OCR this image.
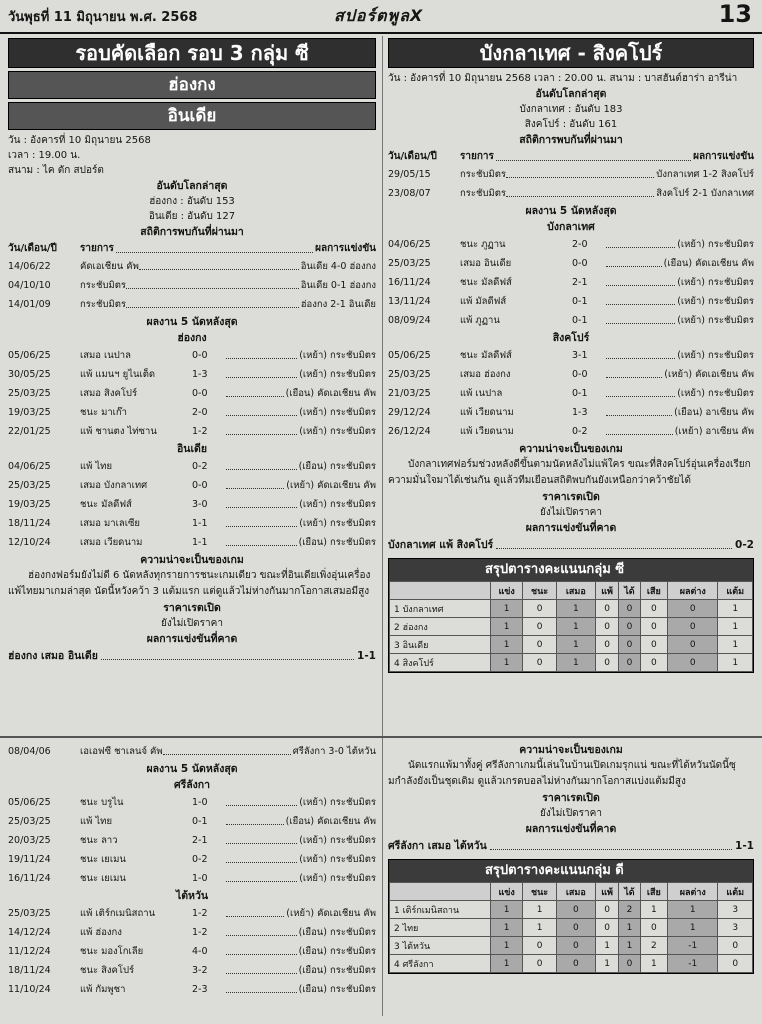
วันพุธที่ 11 มิถุนายน พ.ศ. 2568	สปอร์ตพูลX	13
รอบคัดเลือก รอบ 3 กลุ่ม ซี
ฮ่องกง
อินเดีย
วัน : อังคารที่ 10 มิถุนายน 2568
เวลา : 19.00 น.
สนาม : ไค ตัก สปอร์ต
อันดับโลกล่าสุด
ฮ่องกง : อันดับ 153
อินเดีย : อันดับ 127
สถิติการพบกันที่ผ่านมา
วัน/เดือน/ปี	รายการ	ผลการแข่งขัน
14/06/22	คัดเอเชียน คัพ	อินเดีย 4-0 ฮ่องกง
04/10/10	กระชับมิตร	อินเดีย 0-1 ฮ่องกง
14/01/09	กระชับมิตร	ฮ่องกง 2-1 อินเดีย
ผลงาน 5 นัดหลังสุด
ฮ่องกง
05/06/25	เสมอ เนปาล	0-0	(เหย้า) กระชับมิตร
30/05/25	แพ้ แมนฯ ยูไนเต็ด	1-3	(เหย้า) กระชับมิตร
25/03/25	เสมอ สิงคโปร์	0-0	(เยือน) คัดเอเชียน คัพ
19/03/25	ชนะ มาเก๊า	2-0	(เหย้า) กระชับมิตร
22/01/25	แพ้ ชานตง ไท่ซาน	1-2	(เหย้า) กระชับมิตร
อินเดีย
04/06/25	แพ้ ไทย	0-2	(เยือน) กระชับมิตร
25/03/25	เสมอ บังกลาเทศ	0-0	(เหย้า) คัดเอเชียน คัพ
19/03/25	ชนะ มัลดีฟส์	3-0	(เหย้า) กระชับมิตร
18/11/24	เสมอ มาเลเซีย	1-1	(เหย้า) กระชับมิตร
12/10/24	เสมอ เวียดนาม	1-1	(เยือน) กระชับมิตร
ความน่าจะเป็นของเกม
ฮ่องกงฟอร์มยังไม่ดี 6 นัดหลังทุกรายการชนะเกมเดียว ขณะที่อินเดียเพิ่งอุ่นเครื่องแพ้ไทยมาเกมล่าสุด นัดนี้หวังคว้า 3 แต้มแรก แต่ดูแล้วไม่ห่างกันมากโอกาสเสมอมีสูง
ราคาเรตเปิด
ยังไม่เปิดราคา
ผลการแข่งขันที่คาด
ฮ่องกง เสมอ อินเดีย	1-1
บังกลาเทศ - สิงคโปร์
วัน : อังคารที่ 10 มิถุนายน 2568 เวลา : 20.00 น. สนาม : บาสฮันต์ฮาร่า อารีน่า
อันดับโลกล่าสุด
บังกลาเทศ : อันดับ 183
สิงคโปร์ : อันดับ 161
สถิติการพบกันที่ผ่านมา
วัน/เดือน/ปี	รายการ	ผลการแข่งขัน
29/05/15	กระชับมิตร	บังกลาเทศ 1-2 สิงคโปร์
23/08/07	กระชับมิตร	สิงคโปร์ 2-1 บังกลาเทศ
ผลงาน 5 นัดหลังสุด
บังกลาเทศ
04/06/25	ชนะ ภูฏาน	2-0	(เหย้า) กระชับมิตร
25/03/25	เสมอ อินเดีย	0-0	(เยือน) คัดเอเชียน คัพ
16/11/24	ชนะ มัลดีฟส์	2-1	(เหย้า) กระชับมิตร
13/11/24	แพ้ มัลดีฟส์	0-1	(เหย้า) กระชับมิตร
08/09/24	แพ้ ภูฏาน	0-1	(เหย้า) กระชับมิตร
สิงคโปร์
05/06/25	ชนะ มัลดีฟส์	3-1	(เหย้า) กระชับมิตร
25/03/25	เสมอ ฮ่องกง	0-0	(เหย้า) คัดเอเชียน คัพ
21/03/25	แพ้ เนปาล	0-1	(เหย้า) กระชับมิตร
29/12/24	แพ้ เวียดนาม	1-3	(เยือน) อาเซียน คัพ
26/12/24	แพ้ เวียดนาม	0-2	(เหย้า) อาเซียน คัพ
ความน่าจะเป็นของเกม
บังกลาเทศฟอร์มช่วงหลังดีขึ้นตามนัดหลังไม่แพ้ใคร ขณะที่สิงคโปร์อุ่นเครื่องเรียกความมั่นใจมาได้เช่นกัน ดูแล้วทีมเยือนสถิติพบกันยังเหนือกว่าคว้าชัยได้
ราคาเรตเปิด
ยังไม่เปิดราคา
ผลการแข่งขันที่คาด
บังกลาเทศ แพ้ สิงคโปร์	0-2
สรุปตารางคะแนนกลุ่ม ซี
	แข่ง	ชนะ	เสมอ	แพ้	ได้	เสีย	ผลต่าง	แต้ม
1 บังกลาเทศ	1	0	1	0	0	0	0	1
2 ฮ่องกง	1	0	1	0	0	0	0	1
3 อินเดีย	1	0	1	0	0	0	0	1
4 สิงคโปร์	1	0	1	0	0	0	0	1
08/04/06	เอเอฟซี ชาเลนจ์ คัพ	ศรีลังกา 3-0 ไต้หวัน
ผลงาน 5 นัดหลังสุด
ศรีลังกา
05/06/25	ชนะ บรูไน	1-0	(เหย้า) กระชับมิตร
25/03/25	แพ้ ไทย	0-1	(เยือน) คัดเอเชียน คัพ
20/03/25	ชนะ ลาว	2-1	(เหย้า) กระชับมิตร
19/11/24	ชนะ เยเมน	0-2	(เหย้า) กระชับมิตร
16/11/24	ชนะ เยเมน	1-0	(เหย้า) กระชับมิตร
ไต้หวัน
25/03/25	แพ้ เติร์กเมนิสถาน	1-2	(เหย้า) คัดเอเชียน คัพ
14/12/24	แพ้ ฮ่องกง	1-2	(เยือน) กระชับมิตร
11/12/24	ชนะ มองโกเลีย	4-0	(เยือน) กระชับมิตร
18/11/24	ชนะ สิงคโปร์	3-2	(เยือน) กระชับมิตร
11/10/24	แพ้ กัมพูชา	2-3	(เยือน) กระชับมิตร
ความน่าจะเป็นของเกม
นัดแรกแพ้มาทั้งคู่ ศรีลังกาเกมนี้เล่นในบ้านเปิดเกมรุกแน่ ขณะที่ได้หวันนัดนี้ซุมกำลังยังเป็นชุดเดิม ดูแล้วเกรดบอลไม่ห่างกันมากโอกาสแบ่งแต้มมีสูง
ราคาเรตเปิด
ยังไม่เปิดราคา
ผลการแข่งขันที่คาด
ศรีลังกา เสมอ ไต้หวัน	1-1
สรุปตารางคะแนนกลุ่ม ดี
	แข่ง	ชนะ	เสมอ	แพ้	ได้	เสีย	ผลต่าง	แต้ม
1 เติร์กเมนิสถาน	1	1	0	0	2	1	1	3
2 ไทย	1	1	0	0	1	0	1	3
3 ไต้หวัน	1	0	0	1	1	2	-1	0
4 ศรีลังกา	1	0	0	1	0	1	-1	0
